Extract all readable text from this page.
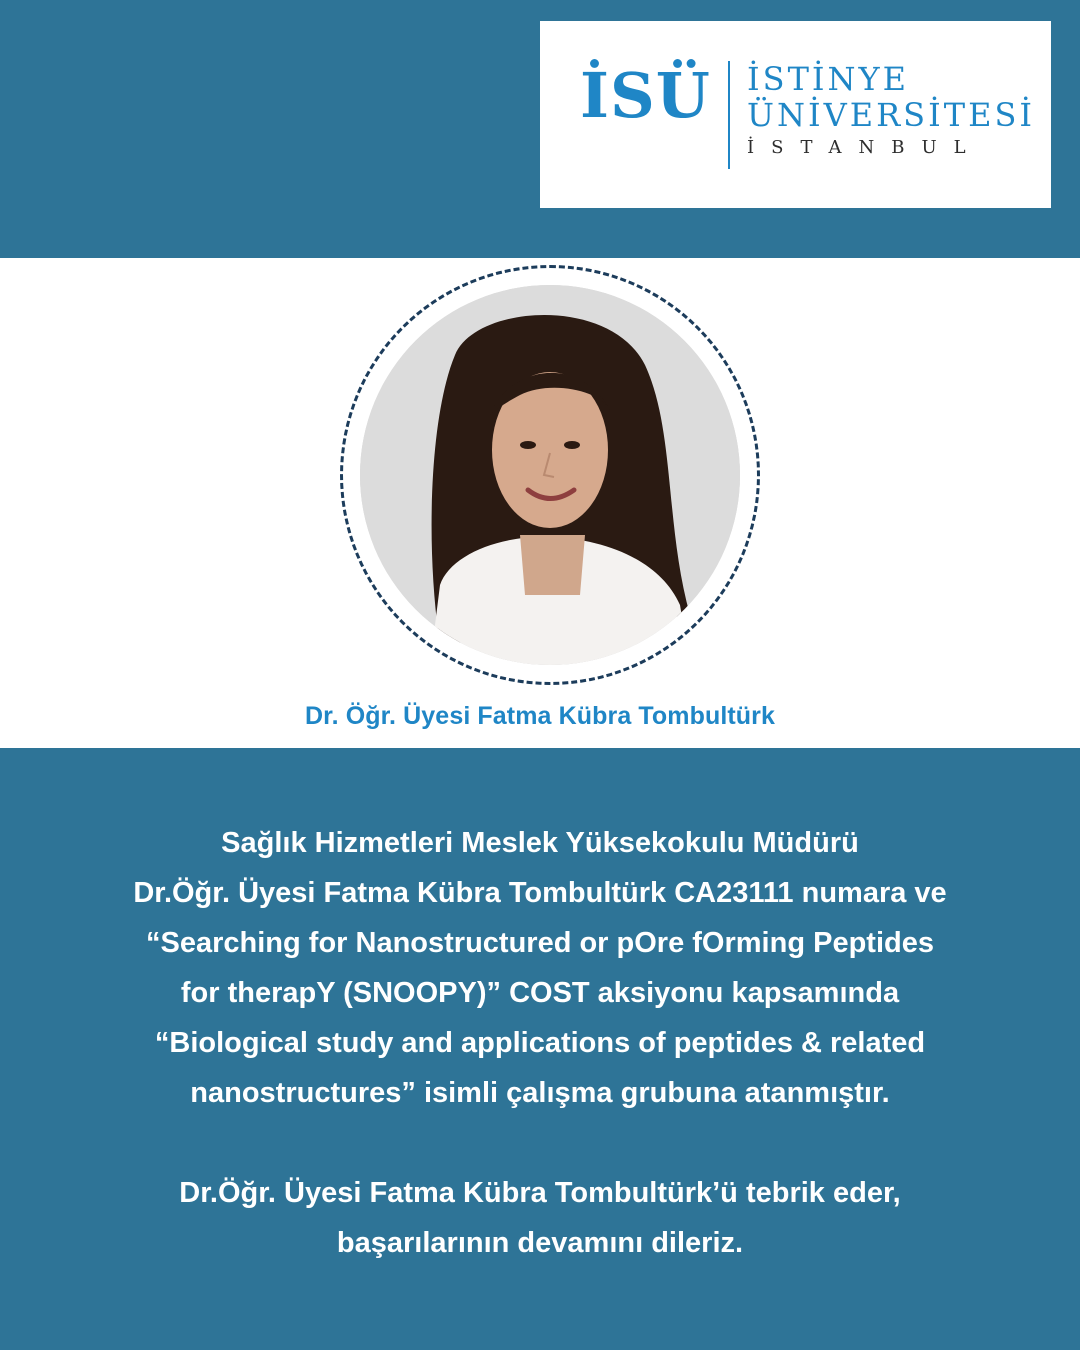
İSÜ İSTİNYE
ÜNİVERSİTESİ
İSTANBUL
Dr. Öğr. Üyesi Fatma Kübra Tombultürk

Sağlık Hizmetleri Meslek Yüksekokulu Müdürü

Dr.Öğr. Üyesi Fatma Kübra Tombultürk CA23111 numara ve

“Searching for Nanostructured or pOre fOrming Peptides

for therapY (SNOOPY)” COST aksiyonu kapsamında

“Biological study and applications of peptides & related

nanostructures” isimli çalışma grubuna atanmıştır.

Dr.Öğr. Üyesi Fatma Kübra Tombultürk’ü tebrik eder,

başarılarının devamını dileriz.
